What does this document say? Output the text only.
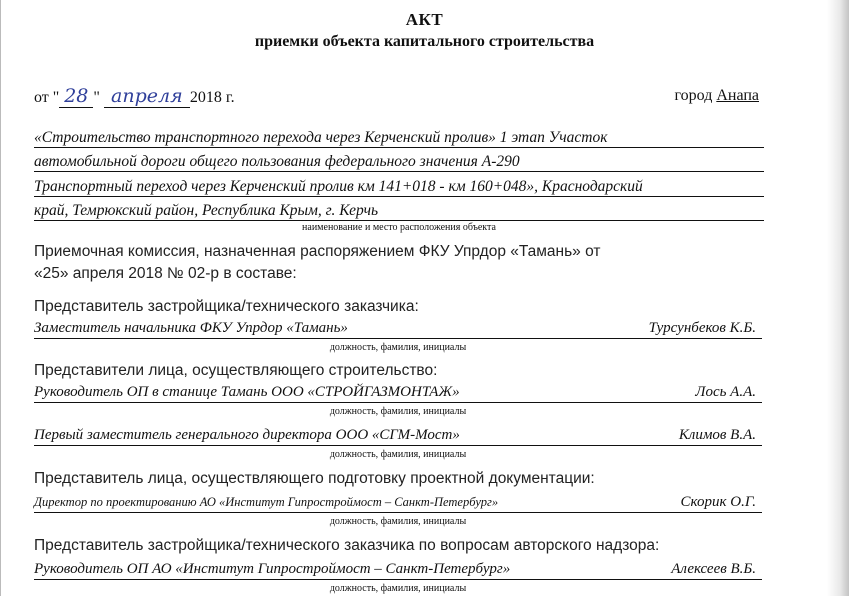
АКТ
приемки объекта капитального строительства
от " 28 " апреля 2018 г.	город Анапа
«Строительство транспортного перехода через Керченский пролив» 1 этап Участок
автомобильной дороги общего пользования федерального значения А-290
Транспортный переход через Керченский пролив км 141+018 - км 160+048», Краснодарский
край, Темрюкский район, Республика Крым, г. Керчь
наименование и место расположения объекта
Приемочная комиссия, назначенная распоряжением ФКУ Упрдор «Тамань» от
«25» апреля 2018 № 02-р в составе:
Представитель застройщика/технического заказчика:
Заместитель начальника ФКУ Упрдор «Тамань»	Турсунбеков К.Б.
должность, фамилия, инициалы
Представители лица, осуществляющего строительство:
Руководитель ОП в станице Тамань ООО «СТРОЙГАЗМОНТАЖ»	Лось А.А.
должность, фамилия, инициалы
Первый заместитель генерального директора ООО «СГМ-Мост»	Климов В.А.
должность, фамилия, инициалы
Представитель лица, осуществляющего подготовку проектной документации:
Директор по проектированию АО «Институт Гипростроймост – Санкт-Петербург»	Скорик О.Г.
должность, фамилия, инициалы
Представитель застройщика/технического заказчика по вопросам авторского надзора:
Руководитель ОП АО «Институт Гипростроймост – Санкт-Петербург»	Алексеев В.Б.
должность, фамилия, инициалы
